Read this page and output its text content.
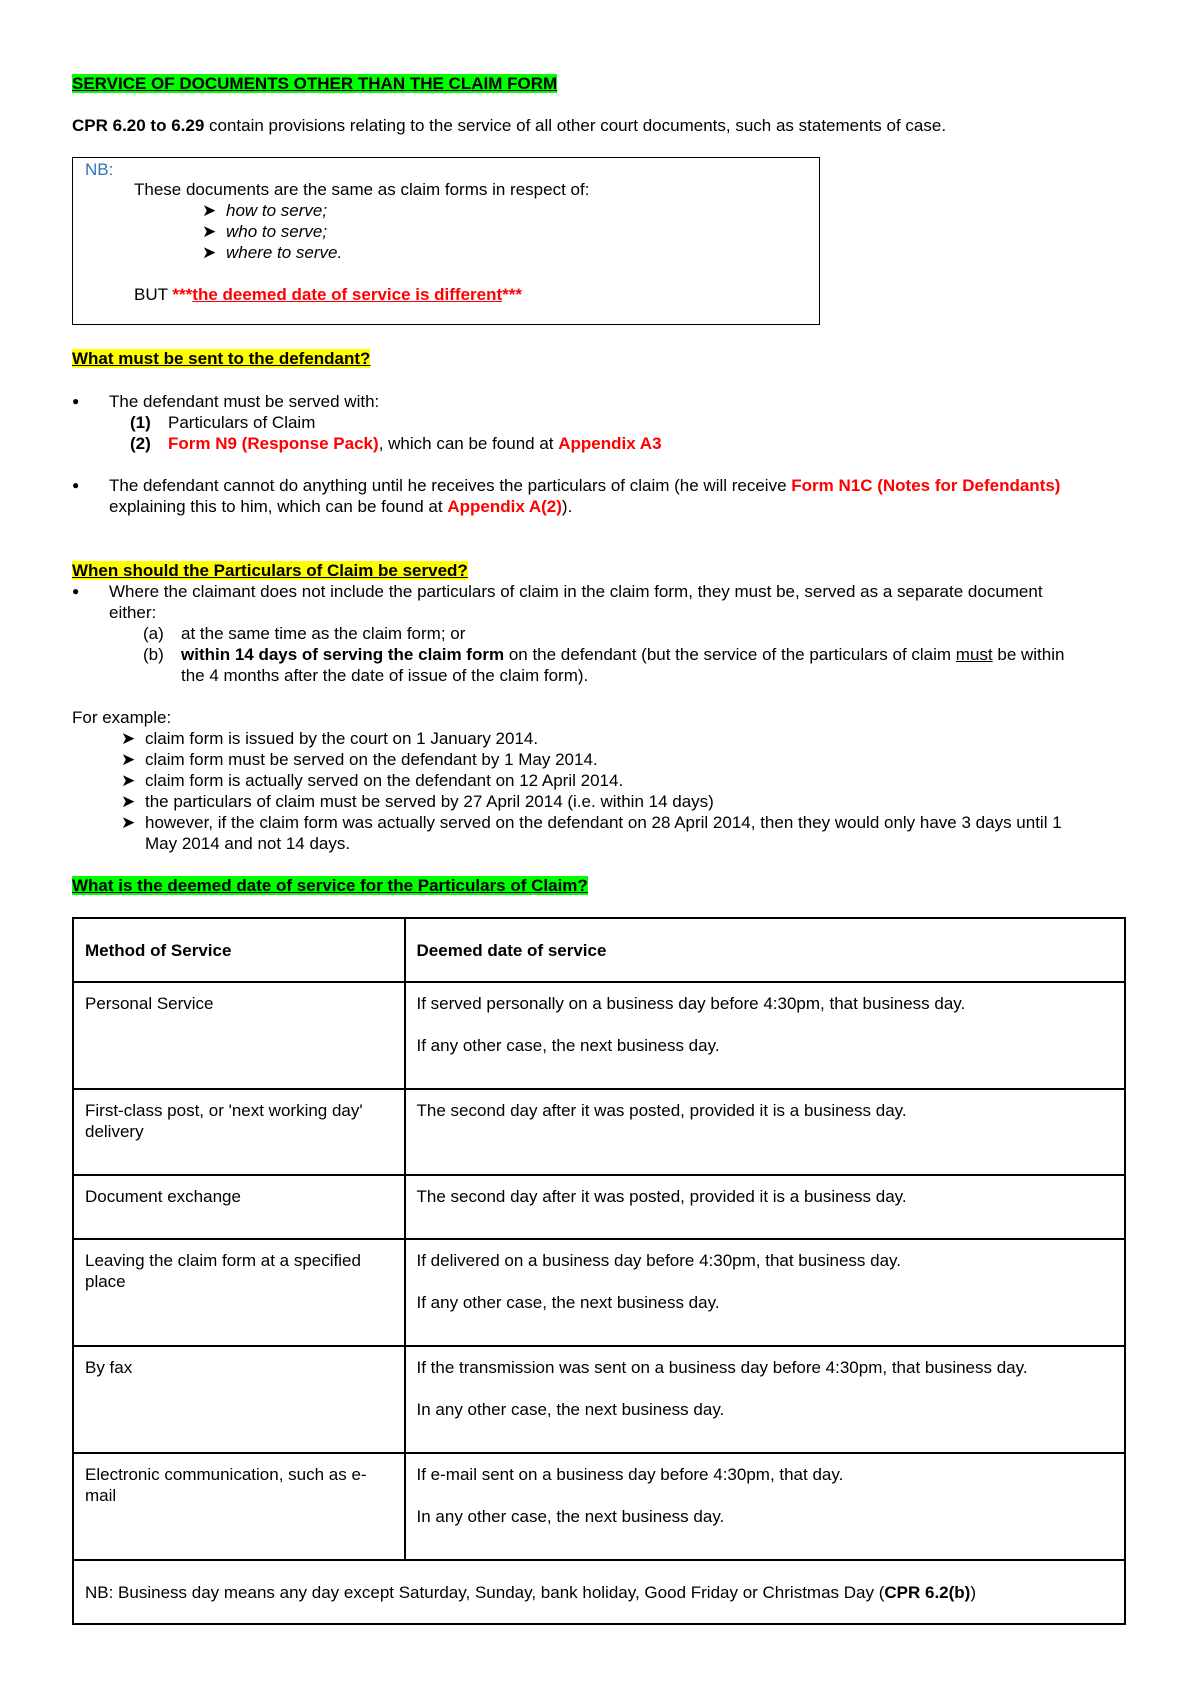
SERVICE OF DOCUMENTS OTHER THAN THE CLAIM FORM
CPR 6.20 to 6.29 contain provisions relating to the service of all other court documents, such as statements of case.
NB:
These documents are the same as claim forms in respect of:
➤ how to serve;
➤ who to serve;
➤ where to serve.
BUT ***the deemed date of service is different***
What must be sent to the defendant?
● The defendant must be served with:
(1) Particulars of Claim
(2) Form N9 (Response Pack), which can be found at Appendix A3
● The defendant cannot do anything until he receives the particulars of claim (he will receive Form N1C (Notes for Defendants)
explaining this to him, which can be found at Appendix A(2)).
When should the Particulars of Claim be served?
● Where the claimant does not include the particulars of claim in the claim form, they must be, served as a separate document
either:
(a) at the same time as the claim form; or
(b) within 14 days of serving the claim form on the defendant (but the service of the particulars of claim must be within
the 4 months after the date of issue of the claim form).
For example:
➤ claim form is issued by the court on 1 January 2014.
➤ claim form must be served on the defendant by 1 May 2014.
➤ claim form is actually served on the defendant on 12 April 2014.
➤ the particulars of claim must be served by 27 April 2014 (i.e. within 14 days)
➤ however, if the claim form was actually served on the defendant on 28 April 2014, then they would only have 3 days until 1
May 2014 and not 14 days.
What is the deemed date of service for the Particulars of Claim?
Method of Service	Deemed date of service
Personal Service	If served personally on a business day before 4:30pm, that business day.

If any other case, the next business day.

First-class post, or 'next working day' delivery	The second day after it was posted, provided it is a business day.

Document exchange	The second day after it was posted, provided it is a business day.

Leaving the claim form at a specified place	If delivered on a business day before 4:30pm, that business day.

If any other case, the next business day.

By fax	If the transmission was sent on a business day before 4:30pm, that business day.

In any other case, the next business day.

Electronic communication, such as e-mail	If e-mail sent on a business day before 4:30pm, that day.

In any other case, the next business day.

NB: Business day means any day except Saturday, Sunday, bank holiday, Good Friday or Christmas Day (CPR 6.2(b))	
